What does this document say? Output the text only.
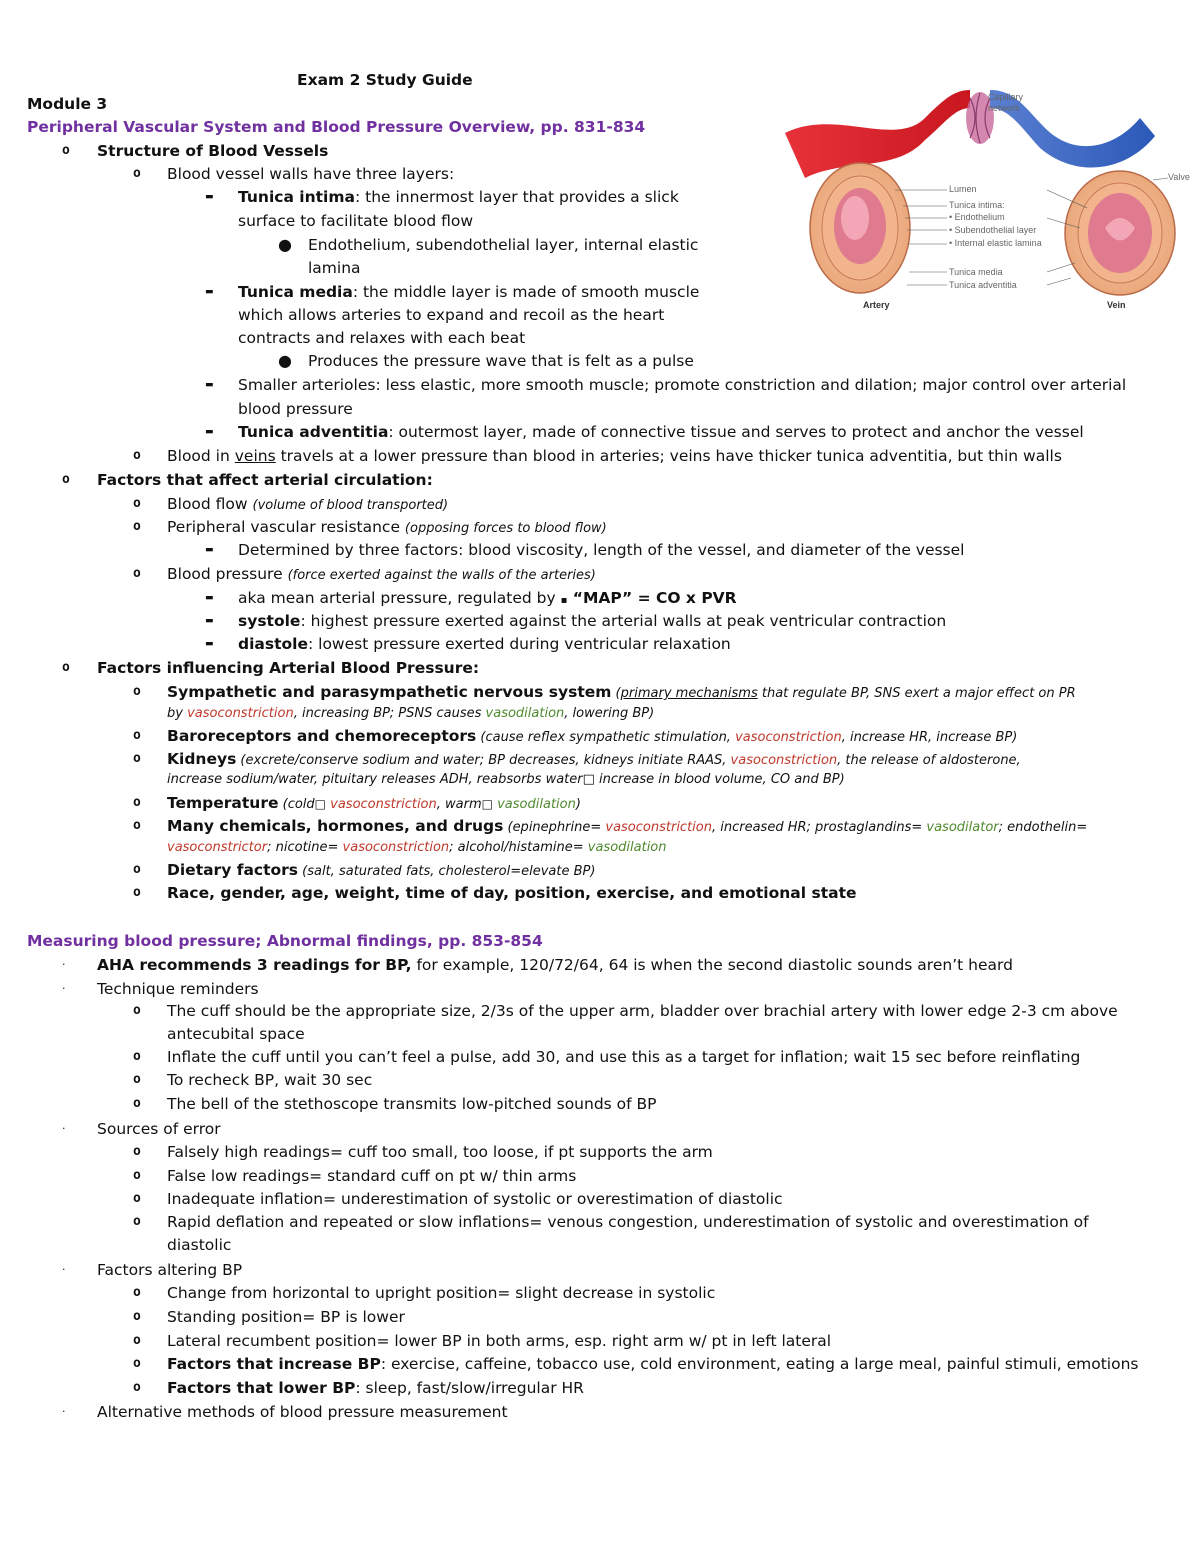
Exam 2 Study Guide
Module 3
Peripheral Vascular System and Blood Pressure Overview, pp. 831-834
o Structure of Blood Vessels
o Blood vessel walls have three layers:
▬ Tunica intima: the innermost layer that provides a slick
surface to facilitate blood flow
● Endothelium, subendothelial layer, internal elastic
lamina
▬ Tunica media: the middle layer is made of smooth muscle
which allows arteries to expand and recoil as the heart
contracts and relaxes with each beat
● Produces the pressure wave that is felt as a pulse
▬ Smaller arterioles: less elastic, more smooth muscle; promote constriction and dilation; major control over arterial
blood pressure
▬ Tunica adventitia: outermost layer, made of connective tissue and serves to protect and anchor the vessel
o Blood in veins travels at a lower pressure than blood in arteries; veins have thicker tunica adventitia, but thin walls
o Factors that affect arterial circulation:
o Blood flow (volume of blood transported)
o Peripheral vascular resistance (opposing forces to blood flow)
▬ Determined by three factors: blood viscosity, length of the vessel, and diameter of the vessel
o Blood pressure (force exerted against the walls of the arteries)
▬ aka mean arterial pressure, regulated by ▪ “MAP” = CO x PVR
▬ systole: highest pressure exerted against the arterial walls at peak ventricular contraction
▬ diastole: lowest pressure exerted during ventricular relaxation
o Factors influencing Arterial Blood Pressure:
o Sympathetic and parasympathetic nervous system (primary mechanisms that regulate BP, SNS exert a major effect on PR
by vasoconstriction, increasing BP; PSNS causes vasodilation, lowering BP)
o Baroreceptors and chemoreceptors (cause reflex sympathetic stimulation, vasoconstriction, increase HR, increase BP)
o Kidneys (excrete/conserve sodium and water; BP decreases, kidneys initiate RAAS, vasoconstriction, the release of aldosterone,
increase sodium/water, pituitary releases ADH, reabsorbs water□ increase in blood volume, CO and BP)
o Temperature (cold□ vasoconstriction, warm□ vasodilation)
o Many chemicals, hormones, and drugs (epinephrine= vasoconstriction, increased HR; prostaglandins= vasodilator; endothelin=
vasoconstrictor; nicotine= vasoconstriction; alcohol/histamine= vasodilation
o Dietary factors (salt, saturated fats, cholesterol=elevate BP)
o Race, gender, age, weight, time of day, position, exercise, and emotional state
Measuring blood pressure; Abnormal findings, pp. 853-854
· AHA recommends 3 readings for BP, for example, 120/72/64, 64 is when the second diastolic sounds aren’t heard
· Technique reminders
o The cuff should be the appropriate size, 2/3s of the upper arm, bladder over brachial artery with lower edge 2-3 cm above
antecubital space
o Inflate the cuff until you can’t feel a pulse, add 30, and use this as a target for inflation; wait 15 sec before reinflating
o To recheck BP, wait 30 sec
o The bell of the stethoscope transmits low-pitched sounds of BP
· Sources of error
o Falsely high readings= cuff too small, too loose, if pt supports the arm
o False low readings= standard cuff on pt w/ thin arms
o Inadequate inflation= underestimation of systolic or overestimation of diastolic
o Rapid deflation and repeated or slow inflations= venous congestion, underestimation of systolic and overestimation of
diastolic
· Factors altering BP
o Change from horizontal to upright position= slight decrease in systolic
o Standing position= BP is lower
o Lateral recumbent position= lower BP in both arms, esp. right arm w/ pt in left lateral
o Factors that increase BP: exercise, caffeine, tobacco use, cold environment, eating a large meal, painful stimuli, emotions
o Factors that lower BP: sleep, fast/slow/irregular HR
· Alternative methods of blood pressure measurement
Capillary
network
Lumen
Valve
Tunica intima:
• Endothelium
• Subendothelial layer
• Internal elastic lamina
Tunica media
Tunica adventitia
Artery	Vein
